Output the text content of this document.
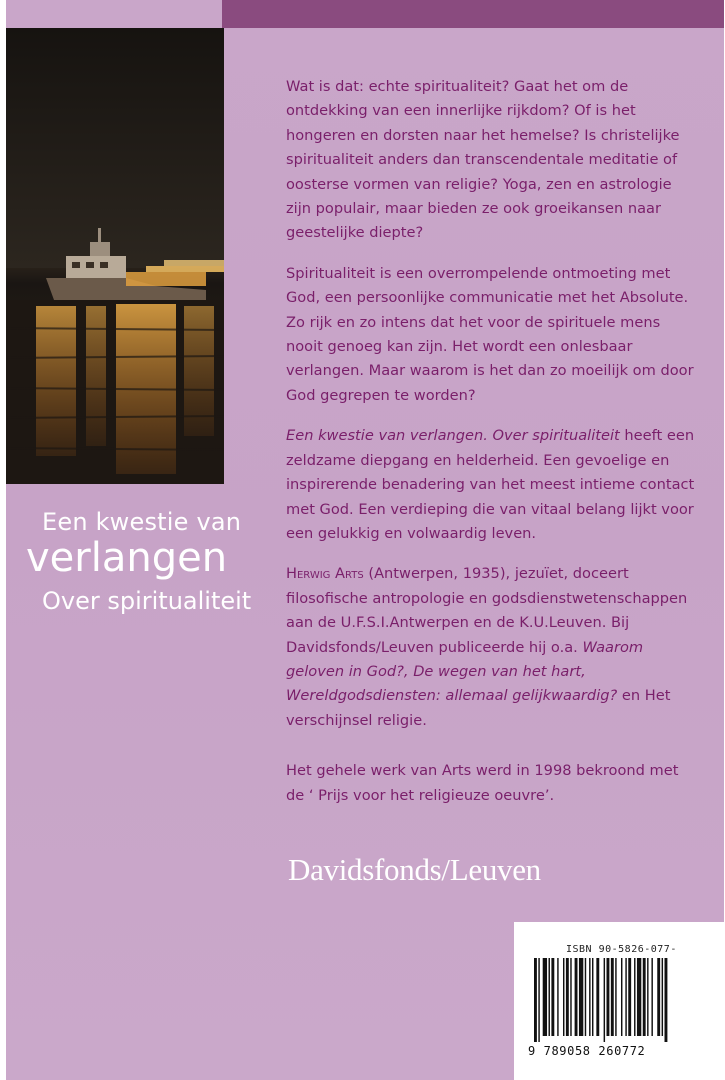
Wat is dat: echte spiritualiteit? Gaat het om de ontdekking van een innerlijke rijkdom? Of is het hongeren en dorsten naar het hemelse? Is christelijke spiritualiteit anders dan transcendentale meditatie of oosterse vormen van religie? Yoga, zen en astrologie zijn populair, maar bieden ze ook groeikansen naar geestelijke diepte?

Spiritualiteit is een overrompelende ontmoeting met God, een persoonlijke communicatie met het Absolute. Zo rijk en zo intens dat het voor de spirituele mens nooit genoeg kan zijn. Het wordt een onlesbaar verlangen. Maar waarom is het dan zo moeilijk om door God gegrepen te worden?

Een kwestie van verlangen. Over spiritualiteit heeft een zeldzame diepgang en helderheid. Een gevoelige en inspirerende benadering van het meest intieme contact met God. Een verdieping die van vitaal belang lijkt voor een gelukkig en volwaardig leven.

Herwig Arts (Antwerpen, 1935), jezuïet, doceert filosofische antropologie en godsdienstwetenschappen aan de U.F.S.I.Antwerpen en de K.U.Leuven. Bij Davidsfonds/Leuven publiceerde hij o.a. Waarom geloven in God?, De wegen van het hart, Wereldgodsdiensten: allemaal gelijkwaardig? en Het verschijnsel religie.

Het gehele werk van Arts werd in 1998 bekroond met de ‘ Prijs voor het religieuze oeuvre’.

Een kwestie van
verlangen
Over spiritualiteit
Davidsfonds/Leuven
ISBN 90-5826-077-
9 789058 260772
